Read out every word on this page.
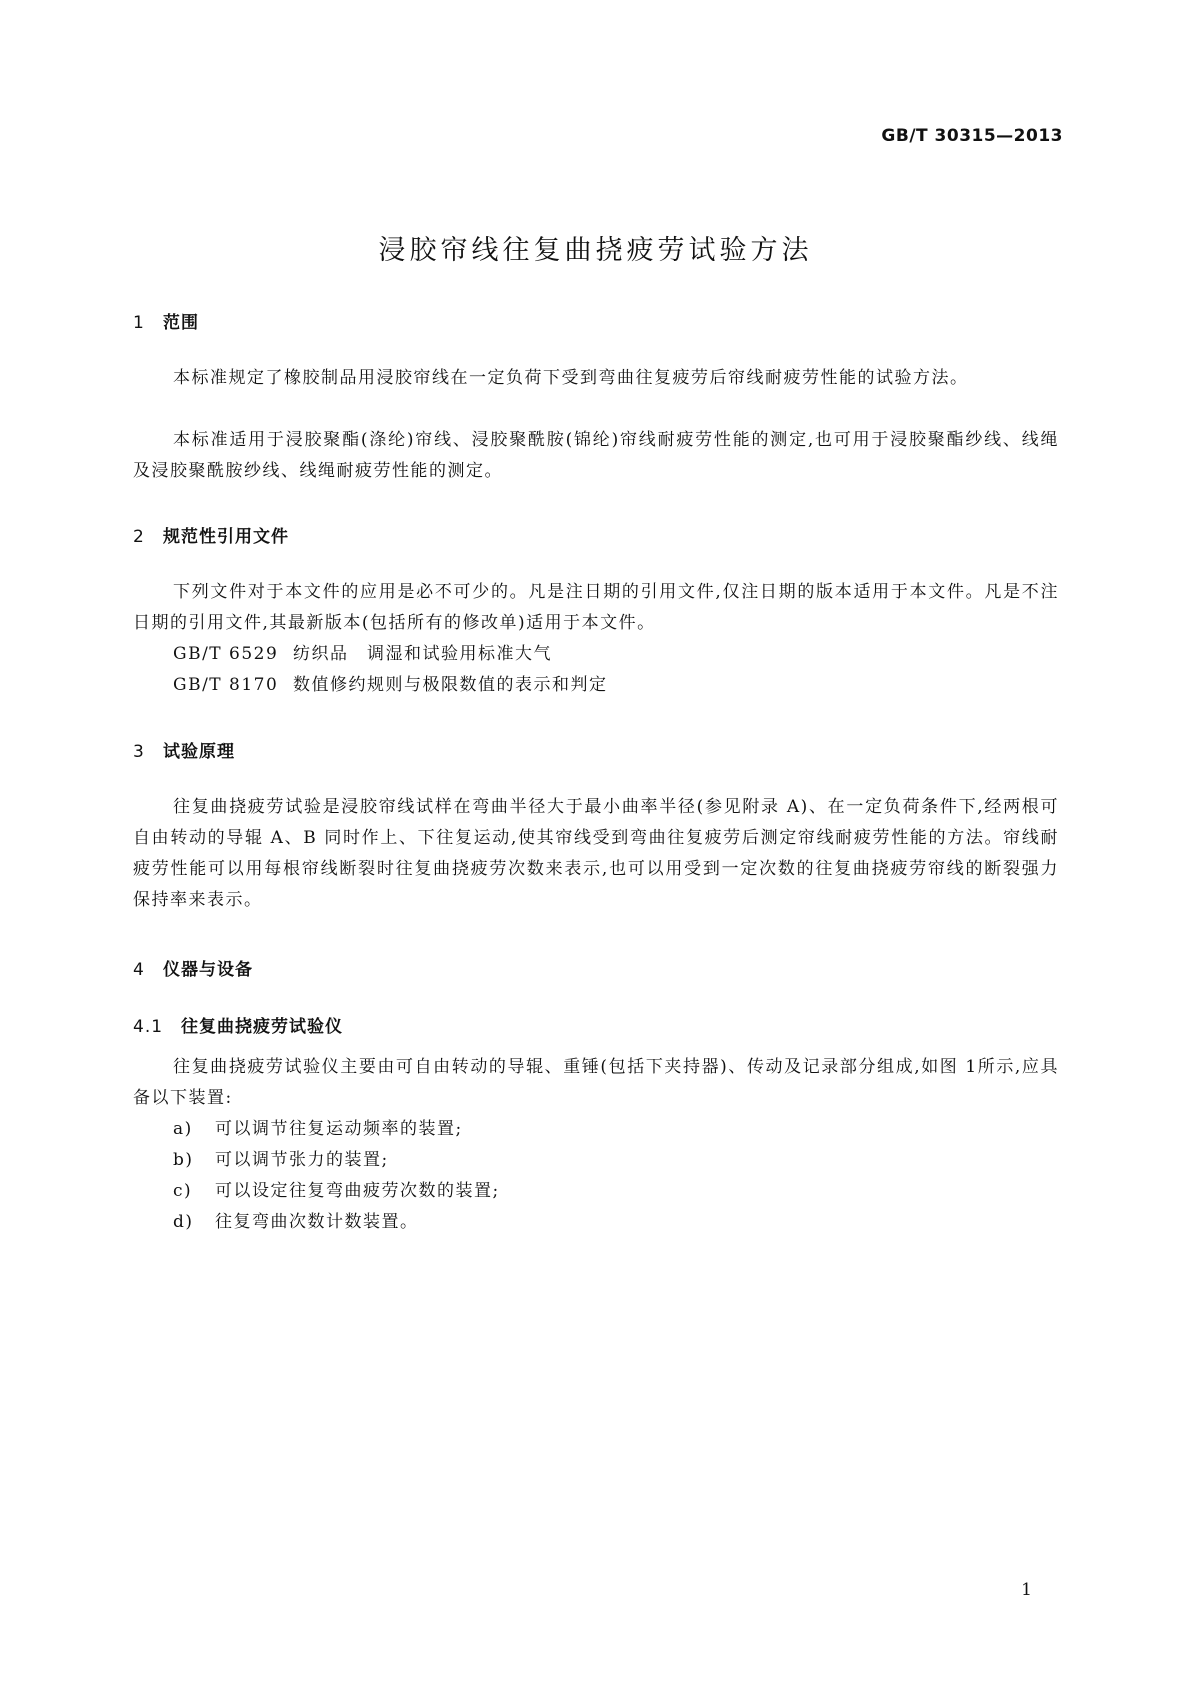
GB/T 30315—2013

浸胶帘线往复曲挠疲劳试验方法
1 范围

本标准规定了橡胶制品用浸胶帘线在一定负荷下受到弯曲往复疲劳后帘线耐疲劳性能的试验方法。

本标准适用于浸胶聚酯(涤纶)帘线、浸胶聚酰胺(锦纶)帘线耐疲劳性能的测定,也可用于浸胶聚酯纱线、线绳及浸胶聚酰胺纱线、线绳耐疲劳性能的测定。

2 规范性引用文件

下列文件对于本文件的应用是必不可少的。凡是注日期的引用文件,仅注日期的版本适用于本文件。凡是不注日期的引用文件,其最新版本(包括所有的修改单)适用于本文件。

GB/T 6529 纺织品　调湿和试验用标准大气

GB/T 8170 数值修约规则与极限数值的表示和判定

3 试验原理

往复曲挠疲劳试验是浸胶帘线试样在弯曲半径大于最小曲率半径(参见附录 A)、在一定负荷条件下,经两根可自由转动的导辊 A、B 同时作上、下往复运动,使其帘线受到弯曲往复疲劳后测定帘线耐疲劳性能的方法。帘线耐疲劳性能可以用每根帘线断裂时往复曲挠疲劳次数来表示,也可以用受到一定次数的往复曲挠疲劳帘线的断裂强力保持率来表示。

4 仪器与设备
4.1 往复曲挠疲劳试验仪

往复曲挠疲劳试验仪主要由可自由转动的导辊、重锤(包括下夹持器)、传动及记录部分组成,如图 1所示,应具备以下装置:

a) 可以调节往复运动频率的装置;

b) 可以调节张力的装置;

c) 可以设定往复弯曲疲劳次数的装置;

d) 往复弯曲次数计数装置。

1
